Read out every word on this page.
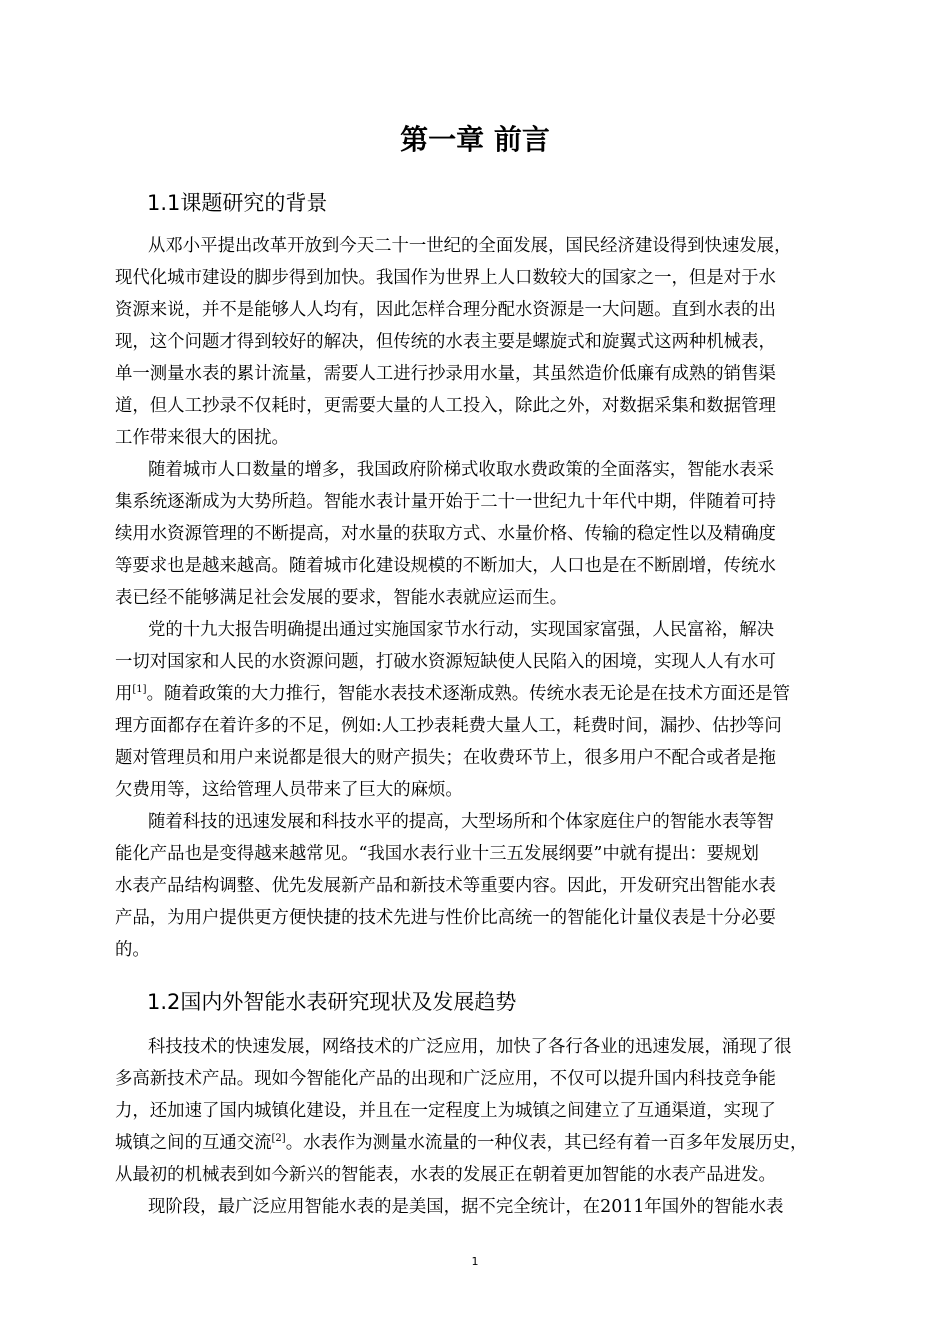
第一章 前言
1.1课题研究的背景

从邓小平提出改革开放到今天二十一世纪的全面发展，国民经济建设得到快速发展，

现代化城市建设的脚步得到加快。我国作为世界上人口数较大的国家之一，但是对于水

资源来说，并不是能够人人均有，因此怎样合理分配水资源是一大问题。直到水表的出

现，这个问题才得到较好的解决，但传统的水表主要是螺旋式和旋翼式这两种机械表，

单一测量水表的累计流量，需要人工进行抄录用水量，其虽然造价低廉有成熟的销售渠

道，但人工抄录不仅耗时，更需要大量的人工投入，除此之外，对数据采集和数据管理

工作带来很大的困扰。

随着城市人口数量的增多，我国政府阶梯式收取水费政策的全面落实，智能水表采

集系统逐渐成为大势所趋。智能水表计量开始于二十一世纪九十年代中期，伴随着可持

续用水资源管理的不断提高，对水量的获取方式、水量价格、传输的稳定性以及精确度

等要求也是越来越高。随着城市化建设规模的不断加大，人口也是在不断剧增，传统水

表已经不能够满足社会发展的要求，智能水表就应运而生。

党的十九大报告明确提出通过实施国家节水行动，实现国家富强，人民富裕，解决

一切对国家和人民的水资源问题，打破水资源短缺使人民陷入的困境，实现人人有水可

用[1]。随着政策的大力推行，智能水表技术逐渐成熟。传统水表无论是在技术方面还是管

理方面都存在着许多的不足，例如:人工抄表耗费大量人工，耗费时间，漏抄、估抄等问

题对管理员和用户来说都是很大的财产损失；在收费环节上，很多用户不配合或者是拖

欠费用等，这给管理人员带来了巨大的麻烦。

随着科技的迅速发展和科技水平的提高，大型场所和个体家庭住户的智能水表等智

能化产品也是变得越来越常见。“我国水表行业十三五发展纲要”中就有提出：要规划

水表产品结构调整、优先发展新产品和新技术等重要内容。因此，开发研究出智能水表

产品，为用户提供更方便快捷的技术先进与性价比高统一的智能化计量仪表是十分必要

的。

1.2国内外智能水表研究现状及发展趋势

科技技术的快速发展，网络技术的广泛应用，加快了各行各业的迅速发展，涌现了很

多高新技术产品。现如今智能化产品的出现和广泛应用，不仅可以提升国内科技竞争能

力，还加速了国内城镇化建设，并且在一定程度上为城镇之间建立了互通渠道，实现了

城镇之间的互通交流[2]。水表作为测量水流量的一种仪表，其已经有着一百多年发展历史，

从最初的机械表到如今新兴的智能表，水表的发展正在朝着更加智能的水表产品进发。

现阶段，最广泛应用智能水表的是美国，据不完全统计，在2011年国外的智能水表

1
